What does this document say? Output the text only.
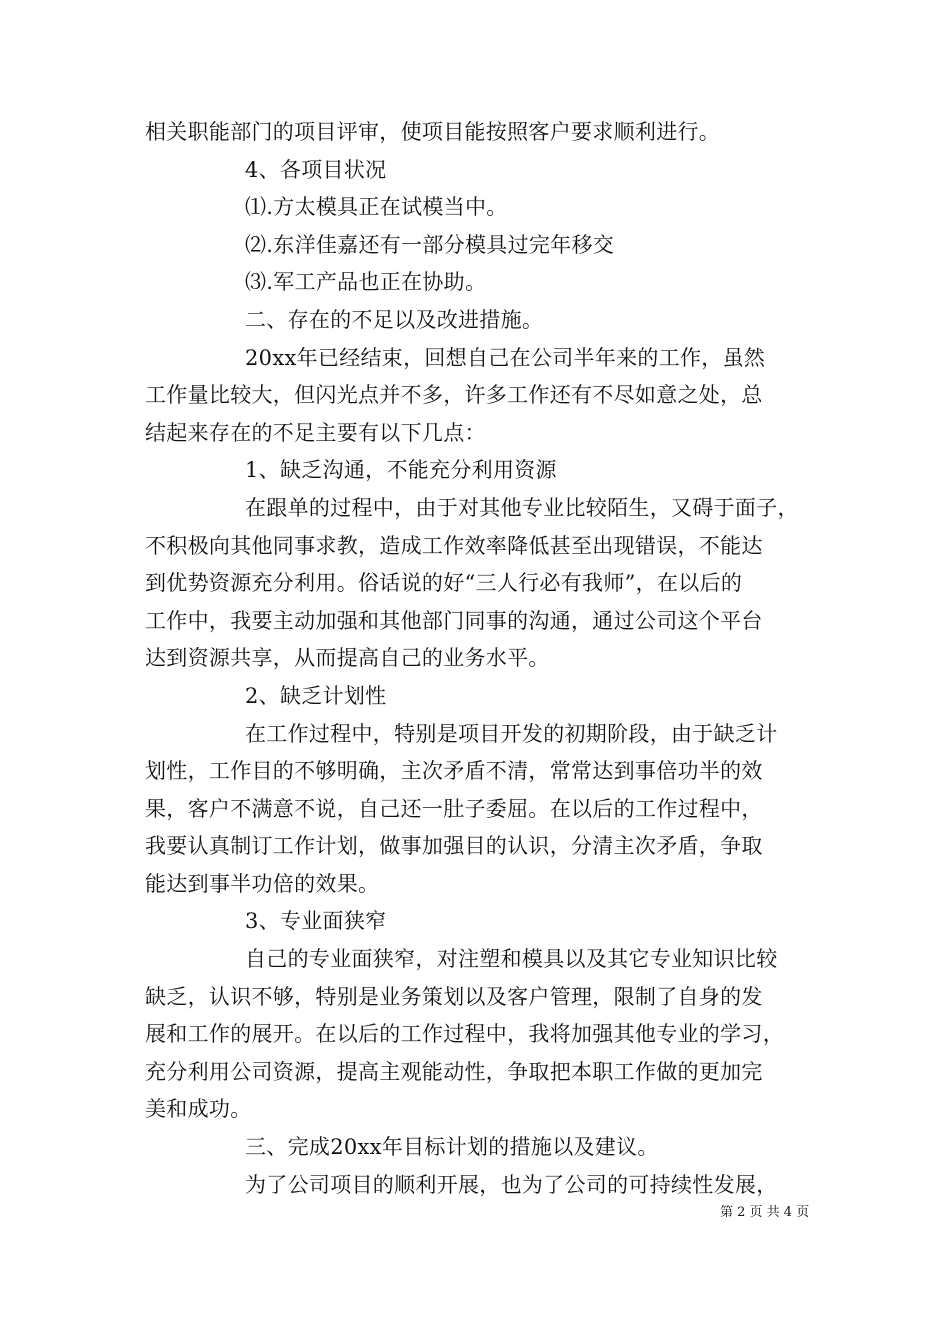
相关职能部门的项目评审，使项目能按照客户要求顺利进行。
4、各项目状况
⑴.方太模具正在试模当中。
⑵.东洋佳嘉还有一部分模具过完年移交
⑶.军工产品也正在协助。
二、存在的不足以及改进措施。
20xx年已经结束，回想自己在公司半年来的工作，虽然
工作量比较大，但闪光点并不多，许多工作还有不尽如意之处，总
结起来存在的不足主要有以下几点：
1、缺乏沟通，不能充分利用资源
在跟单的过程中，由于对其他专业比较陌生，又碍于面子，
不积极向其他同事求教，造成工作效率降低甚至出现错误，不能达
到优势资源充分利用。俗话说的好“三人行必有我师”，在以后的
工作中，我要主动加强和其他部门同事的沟通，通过公司这个平台
达到资源共享，从而提高自己的业务水平。
2、缺乏计划性
在工作过程中，特别是项目开发的初期阶段，由于缺乏计
划性，工作目的不够明确，主次矛盾不清，常常达到事倍功半的效
果，客户不满意不说，自己还一肚子委屈。在以后的工作过程中，
我要认真制订工作计划，做事加强目的认识，分清主次矛盾，争取
能达到事半功倍的效果。
3、专业面狭窄
自己的专业面狭窄，对注塑和模具以及其它专业知识比较
缺乏，认识不够，特别是业务策划以及客户管理，限制了自身的发
展和工作的展开。在以后的工作过程中，我将加强其他专业的学习，
充分利用公司资源，提高主观能动性，争取把本职工作做的更加完
美和成功。
三、完成20xx年目标计划的措施以及建议。
为了公司项目的顺利开展，也为了公司的可持续性发展，
第 2 页 共 4 页
